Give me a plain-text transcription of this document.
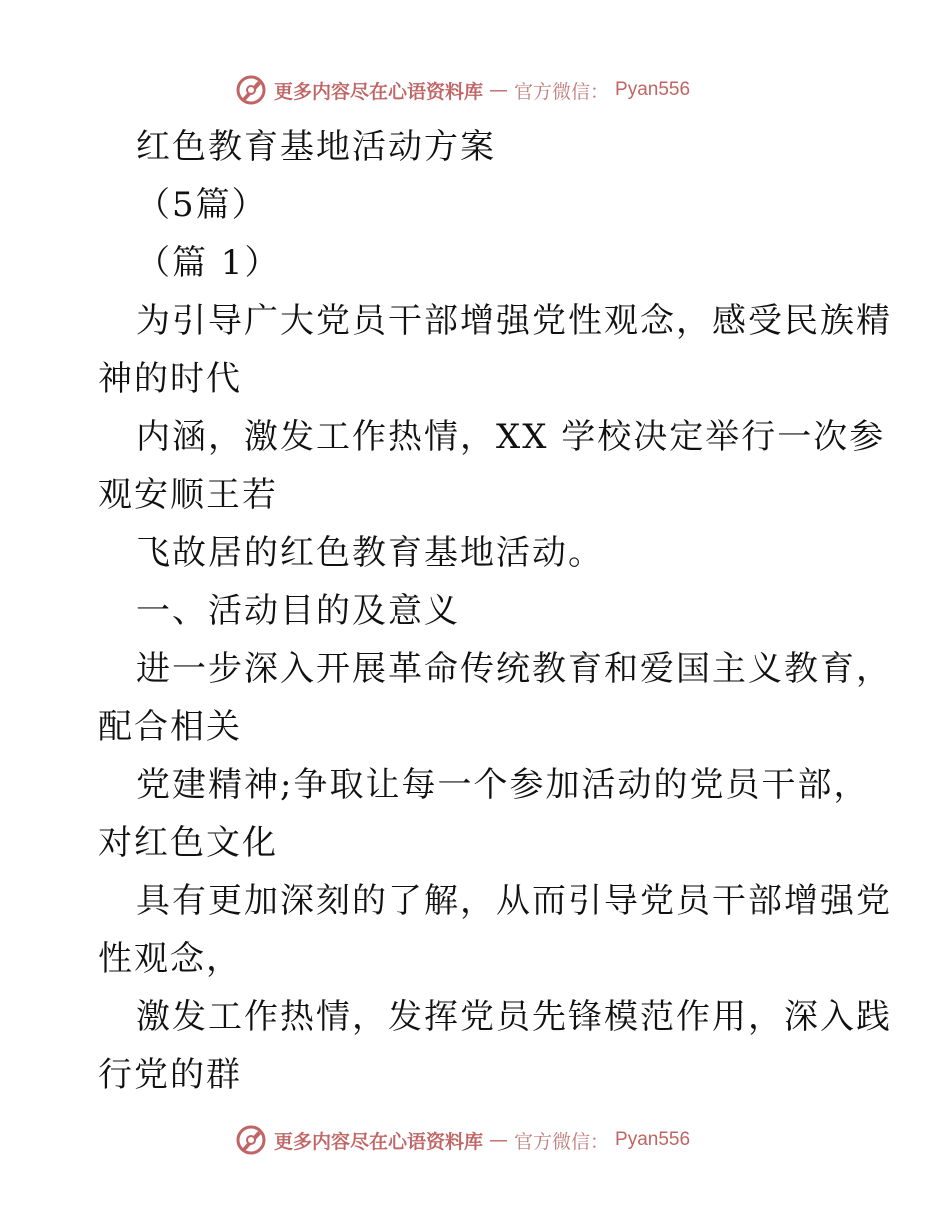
更多内容尽在心语资料库 — 官方微信： Pyan556
红色教育基地活动方案
（5篇）
（篇 1）
为引导广大党员干部增强党性观念，感受民族精
神的时代
内涵，激发工作热情，XX 学校决定举行一次参
观安顺王若
飞故居的红色教育基地活动。
一、活动目的及意义
进一步深入开展革命传统教育和爱国主义教育，
配合相关
党建精神;争取让每一个参加活动的党员干部，
对红色文化
具有更加深刻的了解，从而引导党员干部增强党
性观念，
激发工作热情，发挥党员先锋模范作用，深入践
行党的群
更多内容尽在心语资料库 — 官方微信： Pyan556
